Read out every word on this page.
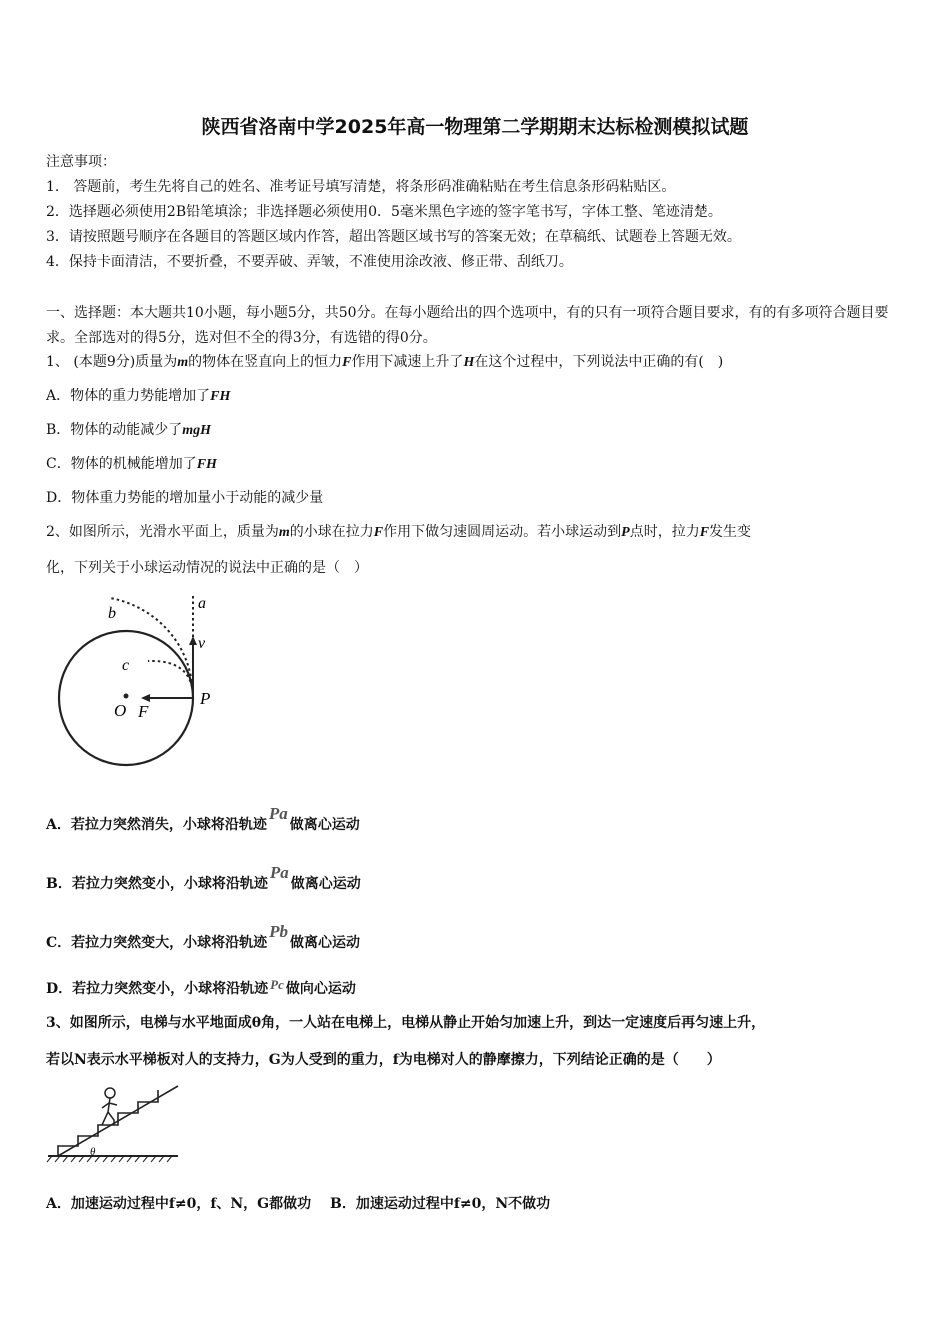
陕西省洛南中学2025年高一物理第二学期期末达标检测模拟试题
注意事项：
1.　答题前，考生先将自己的姓名、准考证号填写清楚，将条形码准确粘贴在考生信息条形码粘贴区。
2．选择题必须使用2B铅笔填涂；非选择题必须使用0．5毫米黑色字迹的签字笔书写，字体工整、笔迹清楚。
3．请按照题号顺序在各题目的答题区域内作答，超出答题区域书写的答案无效；在草稿纸、试题卷上答题无效。
4．保持卡面清洁，不要折叠，不要弄破、弄皱，不准使用涂改液、修正带、刮纸刀。
一、选择题：本大题共10小题，每小题5分，共50分。在每小题给出的四个选项中，有的只有一项符合题目要求，有的有多项符合题目要求。全部选对的得5分，选对但不全的得3分，有选错的得0分。
1、 (本题9分)质量为m的物体在竖直向上的恒力F作用下减速上升了H在这个过程中，下列说法中正确的有(　)
A．物体的重力势能增加了FH
B．物体的动能减少了mgH
C．物体的机械能增加了FH
D．物体重力势能的增加量小于动能的减少量
2、如图所示，光滑水平面上，质量为m的小球在拉力F作用下做匀速圆周运动。若小球运动到P点时，拉力F发生变
化，下列关于小球运动情况的说法中正确的是（　）
a
b
c
v
O F
P
A．若拉力突然消失，小球将沿轨迹Pa做离心运动
B．若拉力突然变小，小球将沿轨迹Pa做离心运动
C．若拉力突然变大，小球将沿轨迹Pb做离心运动
D．若拉力突然变小，小球将沿轨迹 Pc 做向心运动
3、如图所示，电梯与水平地面成θ角，一人站在电梯上，电梯从静止开始匀加速上升，到达一定速度后再匀速上升，
若以N表示水平梯板对人的支持力，G为人受到的重力，f为电梯对人的静摩擦力，下列结论正确的是（　　）
θ
A．加速运动过程中f≠0，f、N，G都做功　 B．加速运动过程中f≠0，N不做功
